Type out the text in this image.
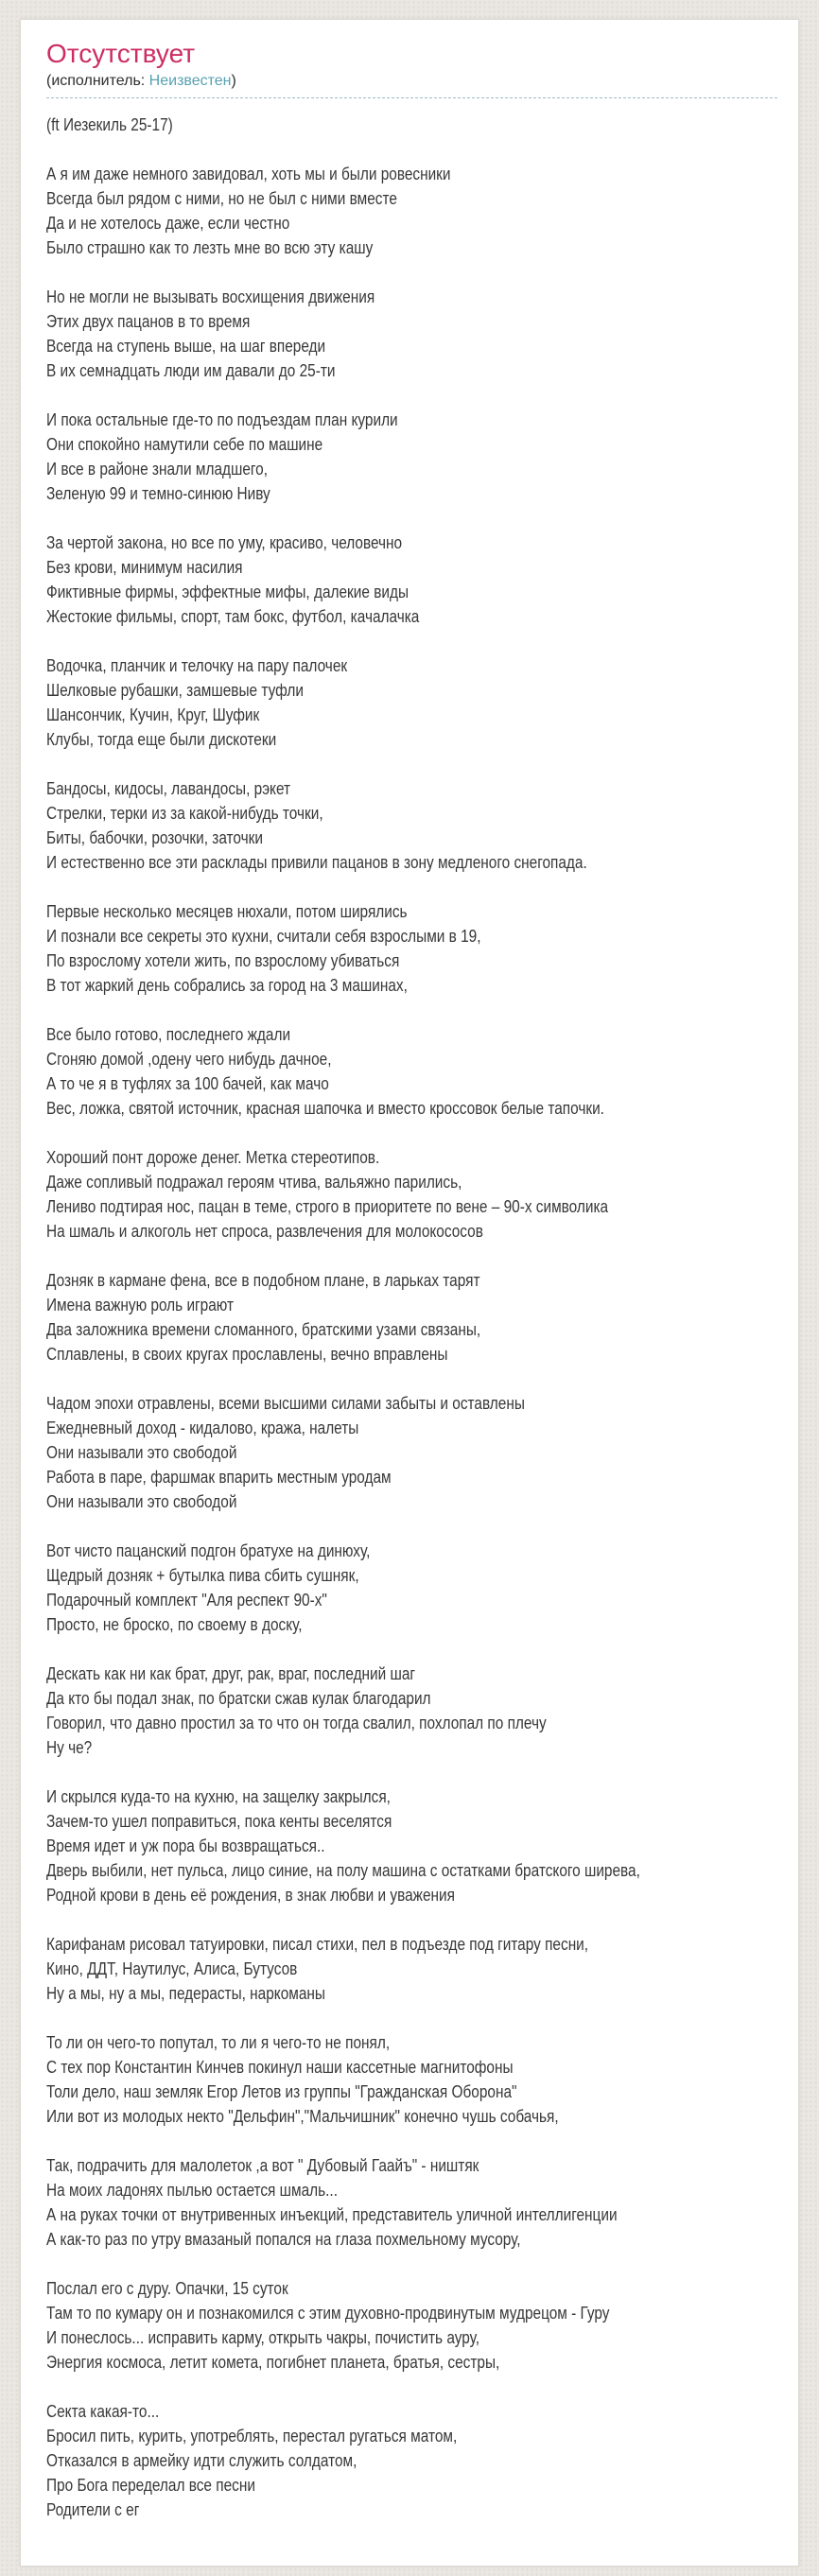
Отсутствует
(исполнитель: Неизвестен)

(ft Иезекиль 25-17)

А я им даже немного завидовал, хоть мы и были ровесники
Всегда был рядом с ними, но не был с ними вместе
Да и не хотелось даже, если честно
Было страшно как то лезть мне во всю эту кашу

Но не могли не вызывать восхищения движения
Этих двух пацанов в то время
Всегда на ступень выше, на шаг впереди
В их семнадцать люди им давали до 25-ти

И пока остальные где-то по подъездам план курили
Они спокойно намутили себе по машине
И все в районе знали младшего,
Зеленую 99 и темно-синюю Ниву

За чертой закона, но все по уму, красиво, человечно
Без крови, минимум насилия
Фиктивные фирмы, эффектные мифы, далекие виды
Жестокие фильмы, спорт, там бокс, футбол, качалачка

Водочка, планчик и телочку на пару палочек
Шелковые рубашки, замшевые туфли
Шансончик, Кучин, Круг, Шуфик
Клубы, тогда еще были дискотеки

Бандосы, кидосы, лавандосы, рэкет
Стрелки, терки из за какой-нибудь точки,
Биты, бабочки, розочки, заточки
И естественно все эти расклады привили пацанов в зону медленого снегопада.

Первые несколько месяцев нюхали, потом ширялись
И познали все секреты это кухни, считали себя взрослыми в 19,
По взрослому хотели жить, по взрослому убиваться
В тот жаркий день собрались за город на 3 машинах,

Все было готово, последнего ждали
Сгоняю домой ,одену чего нибудь дачное,
А то че я в туфлях за 100 бачей, как мачо
Вес, ложка, святой источник, красная шапочка и вместо кроссовок белые тапочки.

Хороший понт дороже денег. Метка стереотипов.
Даже сопливый подражал героям чтива, вальяжно парились,
Лениво подтирая нос, пацан в теме, строго в приоритете по вене – 90-х символика
На шмаль и алкоголь нет спроса, развлечения для молокососов

Дозняк в кармане фена, все в подобном плане, в ларьках тарят
Имена важную роль играют
Два заложника времени сломанного, братскими узами связаны,
Сплавлены, в своих кругах прославлены, вечно вправлены

Чадом эпохи отравлены, всеми высшими силами забыты и оставлены
Ежедневный доход - кидалово, кража, налеты
Они называли это свободой
Работа в паре, фаршмак впарить местным уродам
Они называли это свободой

Вот чисто пацанский подгон братухе на динюху,
Щедрый дозняк + бутылка пива сбить сушняк,
Подарочный комплект "Аля респект 90-х"
Просто, не броско, по своему в доску,

Дескать как ни как брат, друг, рак, враг, последний шаг
Да кто бы подал знак, по братски сжав кулак благодарил
Говорил, что давно простил за то что он тогда свалил, похлопал по плечу
Ну че?

И скрылся куда-то на кухню, на защелку закрылся,
Зачем-то ушел поправиться, пока кенты веселятся
Время идет и уж пора бы возвращаться..
Дверь выбили, нет пульса, лицо синие, на полу машина с остатками братского ширева,
Родной крови в день её рождения, в знак любви и уважения

Карифанам рисовал татуировки, писал стихи, пел в подъезде под гитару песни,
Кино, ДДТ, Наутилус, Алиса, Бутусов
Ну а мы, ну а мы, педерасты, наркоманы

То ли он чего-то попутал, то ли я чего-то не понял,
С тех пор Константин Кинчев покинул наши кассетные магнитофоны
Толи дело, наш земляк Егор Летов из группы "Гражданская Оборона"
Или вот из молодых некто "Дельфин","Мальчишник" конечно чушь собачья,

Так, подрачить для малолеток ,а вот " Дубовый Гаайъ" - ништяк
На моих ладонях пылью остается шмаль...
А на руках точки от внутривенных инъекций, представитель уличной интеллигенции
А как-то раз по утру вмазаный попался на глаза похмельному мусору,

Послал его с дуру. Опачки, 15 суток
Там то по кумару он и познакомился с этим духовно-продвинутым мудрецом - Гуру
И понеслось... исправить карму, открыть чакры, почистить ауру,
Энергия космоса, летит комета, погибнет планета, братья, сестры,

Секта какая-то...
Бросил пить, курить, употреблять, перестал ругаться матом,
Отказался в армейку идти служить солдатом,
Про Бога переделал все песни
Родители с ег
